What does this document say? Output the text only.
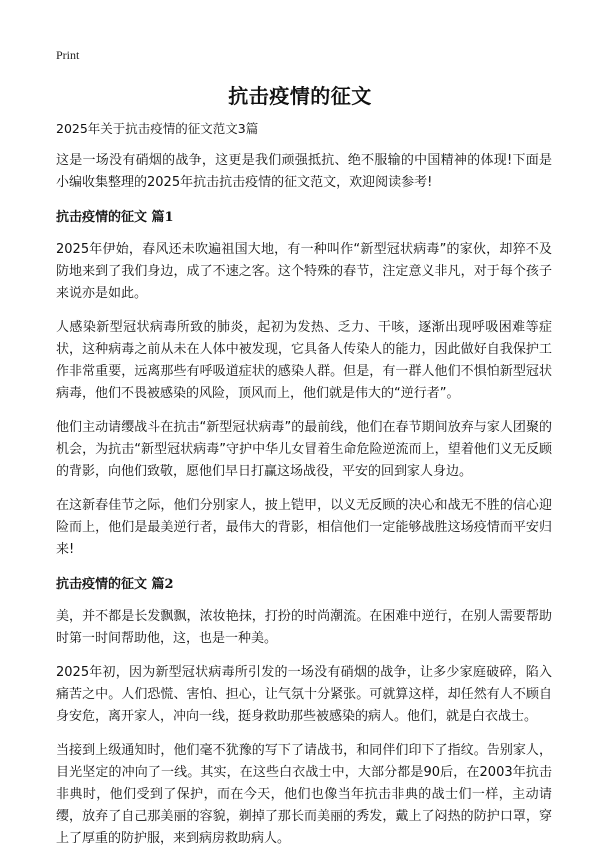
Print
抗击疫情的征文

2025年关于抗击疫情的征文范文3篇

这是一场没有硝烟的战争，这更是我们顽强抵抗、绝不服输的中国精神的体现!下面是小编收集整理的2025年抗击抗击疫情的征文范文，欢迎阅读参考!

抗击疫情的征文 篇1

2025年伊始，春风还未吹遍祖国大地，有一种叫作“新型冠状病毒”的家伙，却猝不及防地来到了我们身边，成了不速之客。这个特殊的春节，注定意义非凡，对于每个孩子来说亦是如此。

人感染新型冠状病毒所致的肺炎，起初为发热、乏力、干咳，逐渐出现呼吸困难等症状，这种病毒之前从未在人体中被发现，它具备人传染人的能力，因此做好自我保护工作非常重要，远离那些有呼吸道症状的感染人群。但是，有一群人他们不惧怕新型冠状病毒，他们不畏被感染的风险，顶风而上，他们就是伟大的“逆行者”。

他们主动请缨战斗在抗击“新型冠状病毒”的最前线，他们在春节期间放弃与家人团聚的机会，为抗击“新型冠状病毒”守护中华儿女冒着生命危险逆流而上，望着他们义无反顾的背影，向他们致敬，愿他们早日打赢这场战役，平安的回到家人身边。

在这新春佳节之际，他们分别家人，披上铠甲，以义无反顾的决心和战无不胜的信心迎险而上，他们是最美逆行者，最伟大的背影，相信他们一定能够战胜这场疫情而平安归来!

抗击疫情的征文 篇2

美，并不都是长发飘飘，浓妆艳抹，打扮的时尚潮流。在困难中逆行，在别人需要帮助时第一时间帮助他，这，也是一种美。

2025年初，因为新型冠状病毒所引发的一场没有硝烟的战争，让多少家庭破碎，陷入痛苦之中。人们恐慌、害怕、担心，让气氛十分紧张。可就算这样，却任然有人不顾自身安危，离开家人，冲向一线，挺身救助那些被感染的病人。他们，就是白衣战士。

当接到上级通知时，他们毫不犹豫的写下了请战书，和同伴们印下了指纹。告别家人，目光坚定的冲向了一线。其实，在这些白衣战士中，大部分都是90后，在2003年抗击非典时，他们受到了保护，而在今天，他们也像当年抗击非典的战士们一样，主动请缨，放弃了自己那美丽的容貌，剃掉了那长而美丽的秀发，戴上了闷热的防护口罩，穿上了厚重的防护服，来到病房救助病人。
